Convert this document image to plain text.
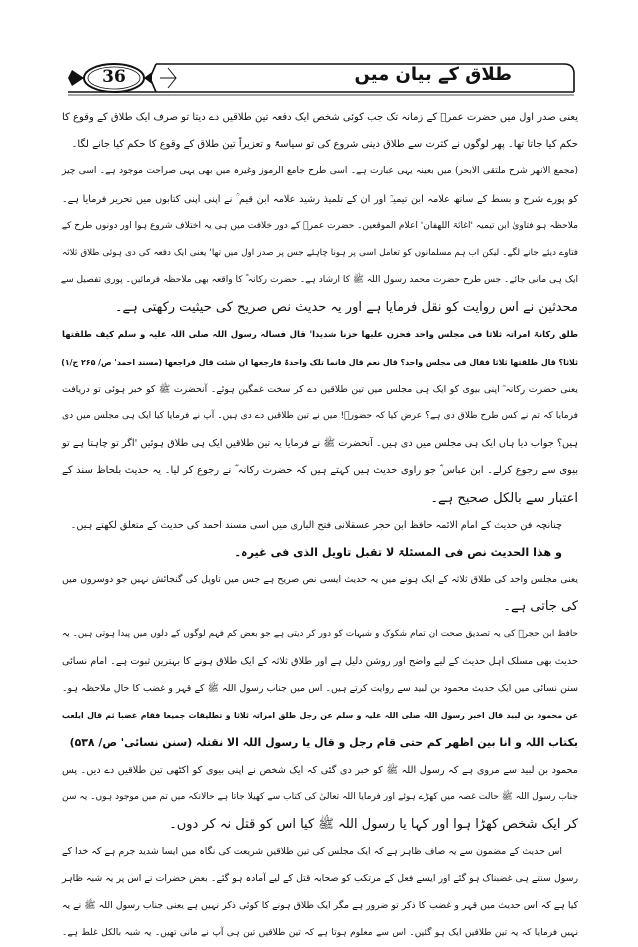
36	طلاق کے بیان میں
یعنی صدر اول میں حضرت عمرؓ کے زمانہ تک جب کوئی شخص ایک دفعہ تین طلاقیں دے دیتا تو صرف ایک طلاق کے وقوع کا
حکم کیا جاتا تھا۔ پھر لوگوں نے کثرت سے طلاق دینی شروع کی تو سیاسۃً و تعزیراً تین طلاق کے وقوع کا حکم کیا جانے لگا۔
(مجمع الانھر شرح ملتقی الابحر) میں بعینہ یہی عبارت ہے۔ اسی طرح جامع الرموز وغیرہ میں بھی یہی صراحت موجود ہے۔ اسی چیز
کو پورے شرح و بسط کے ساتھ علامہ ابن تیمیہؒ اور ان کے تلمیذ رشید علامہ ابن قیم ؒ نے اپنی اپنی کتابوں میں تحریر فرمایا ہے۔
ملاحظہ ہو فتاویٰ ابن تیمیہ 'اغاثۃ اللھفان' اعلام الموقعین۔ حضرت عمرؓ کے دور خلافت میں ہی یہ اختلاف شروع ہوا اور دونوں طرح کے
فتاوے دیئے جانے لگے۔ لیکن اب ہم مسلمانوں کو تعامل اسی پر ہونا چاہئے جس پر صدر اول میں تھا' یعنی ایک دفعہ کی دی ہوئی طلاق ثلاثہ
ایک ہی مانی جائے۔ جس طرح حضرت محمد رسول اللہ ﷺ کا ارشاد ہے۔ حضرت رکانہ ؓ کا واقعہ بھی ملاحظہ فرمائیں۔ پوری تفصیل سے
محدثین نے اس روایت کو نقل فرمایا ہے اور یہ حدیث نص صریح کی حیثیت رکھتی ہے۔
طلق رکانۃ امراتہ ثلاثا فی مجلس واحد فحزن علیھا حزنا شدیدا' قال فسالہ رسول اللہ صلی اللہ علیہ و سلم کیف طلقتھا
ثلاثا؟ قال طلقتھا ثلاثا فقال فی مجلس واحد؟ قال نعم قال فانما تلک واحدۃ فارجعھا ان شئت قال فراجعھا (مسند احمد' ص/ ۲۶۵ ج/۱)
یعنی حضرت رکانہ ؓ اپنی بیوی کو ایک ہی مجلس میں تین طلاقیں دے کر سخت غمگین ہوئے۔ آنحضرت ﷺ کو خبر ہوئی تو دریافت
فرمایا کہ تم نے کس طرح طلاق دی ہے؟ عرض کیا کہ حضورؐ! میں نے تین طلاقیں دے دی ہیں۔ آپ نے فرمایا کیا ایک ہی مجلس میں دی
ہیں؟ جواب دیا ہاں ایک ہی مجلس میں دی ہیں۔ آنحضرت ﷺ نے فرمایا یہ تین طلاقیں ایک ہی طلاق ہوئیں 'اگر تو چاہتا ہے تو
بیوی سے رجوع کرلے۔ ابن عباس ؓ جو راوی حدیث ہیں کہتے ہیں کہ حضرت رکانہ ؓ نے رجوع کر لیا۔ یہ حدیث بلحاظ سند کے
اعتبار سے بالکل صحیح ہے۔
چنانچہ فن حدیث کے امام الائمہ حافظ ابن حجر عسقلانی فتح الباری میں اسی مسند احمد کی حدیث کے متعلق لکھتے ہیں۔
و ھذا الحدیث نص فی المسئلۃ لا تقبل تاویل الذی فی غیرہ۔
یعنی مجلس واحد کی طلاق ثلاثہ کے ایک ہونے میں یہ حدیث ایسی نص صریح ہے جس میں تاویل کی گنجائش نہیں جو دوسروں میں
کی جاتی ہے۔
حافظ ابن حجرؒ کی یہ تصدیق صحت ان تمام شکوک و شبہات کو دور کر دیتی ہے جو بعض کم فہم لوگوں کے دلوں میں پیدا ہوتی ہیں۔ یہ
حدیث بھی مسلک اہل حدیث کے لیے واضح اور روشن دلیل ہے اور طلاق ثلاثہ کے ایک طلاق ہونے کا بہترین ثبوت ہے۔ امام نسائی
سنن نسائی میں ایک حدیث محمود بن لبید سے روایت کرتے ہیں۔ اس میں جناب رسول اللہ ﷺ کے قہر و غضب کا حال ملاحظہ ہو۔
عن محمود بن لبید قال اخبر رسول اللہ صلی اللہ علیہ و سلم عن رجل طلق امراتہ ثلاثا و تطلیقات جمیعا فقام غضبا ثم قال ایلعب
بکتاب اللہ و انا بین اظھر کم حتی قام رجل و قال یا رسول اللہ الا نقتلہ (سنن نسائی' ص/ ۵۳۸)
محمود بن لبید سے مروی ہے کہ رسول اللہ ﷺ کو خبر دی گئی کہ ایک شخص نے اپنی بیوی کو اکٹھی تین طلاقیں دے دیں۔ پس
جناب رسول اللہ ﷺ حالت غصہ میں کھڑے ہوئے اور فرمایا اللہ تعالیٰ کی کتاب سے کھیلا جاتا ہے حالانکہ میں تم میں موجود ہوں۔ یہ سن
کر ایک شخص کھڑا ہوا اور کہا یا رسول اللہ ﷺ کیا اس کو قتل نہ کر دوں۔
اس حدیث کے مضمون سے یہ صاف ظاہر ہے کہ ایک مجلس کی تین طلاقیں شریعت کی نگاہ میں ایسا شدید جرم ہے کہ خدا کے
رسول سنتے ہی غضبناک ہو گئے اور ایسے فعل کے مرتکب کو صحابہ قتل کے لیے آمادہ ہو گئے۔ بعض حضرات نے اس پر یہ شبہ ظاہر
کیا ہے کہ اس حدیث میں قہر و غضب کا ذکر تو ضرور ہے مگر ایک طلاق ہونے کا کوئی ذکر نہیں ہے یعنی جناب رسول اللہ ﷺ نے یہ
نہیں فرمایا کہ یہ تین طلاقیں ایک ہو گئیں۔ اس سے معلوم ہوتا ہے کہ تین طلاقیں تین ہی آپ نے مانی تھیں۔ یہ شبہ بالکل غلط ہے۔
